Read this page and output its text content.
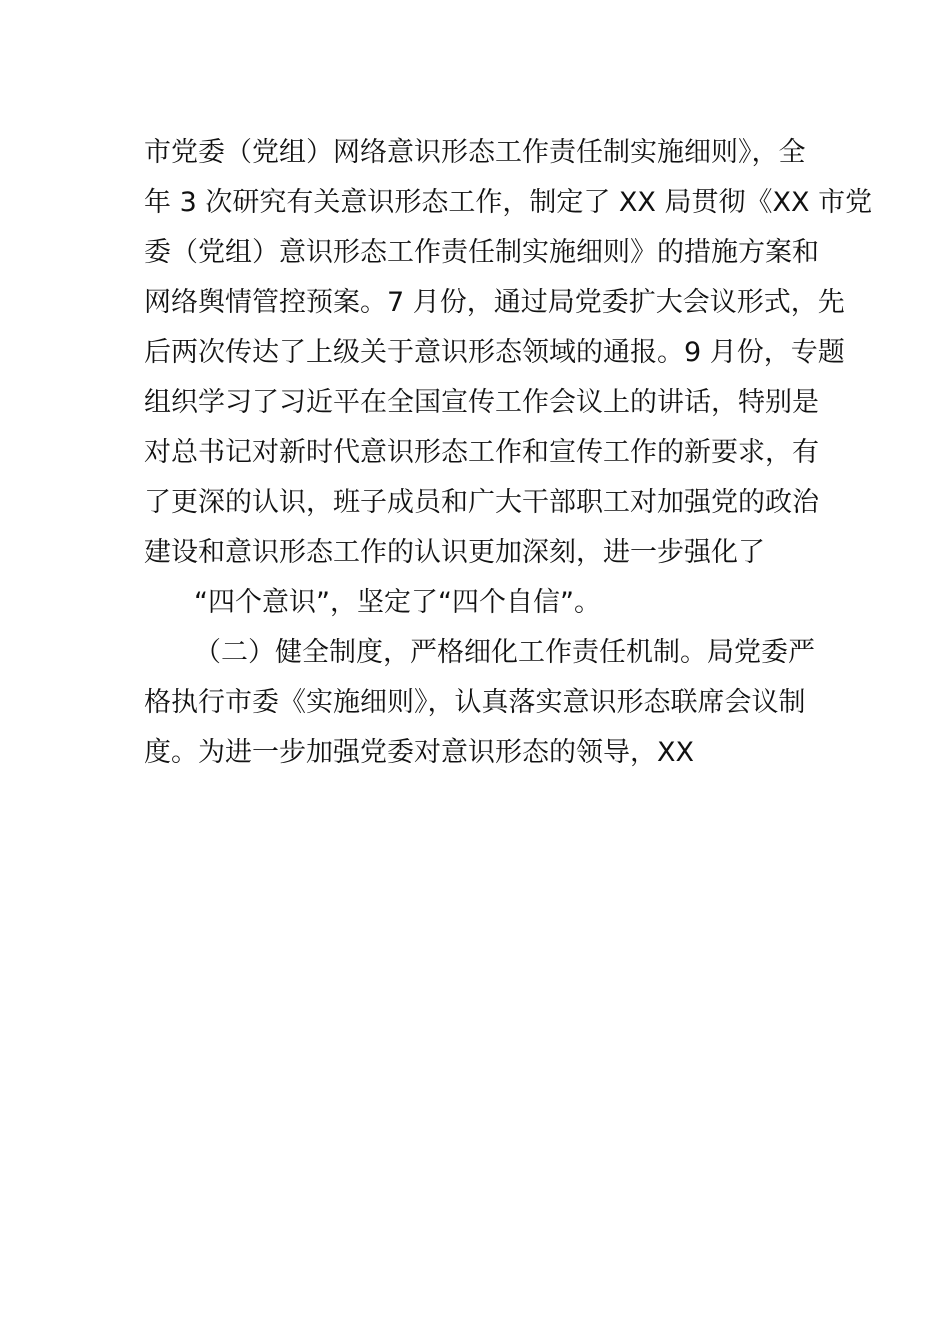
市党委（党组）网络意识形态工作责任制实施细则》，全
年 3 次研究有关意识形态工作，制定了 XX 局贯彻《XX 市党
委（党组）意识形态工作责任制实施细则》的措施方案和
网络舆情管控预案。7 月份，通过局党委扩大会议形式，先
后两次传达了上级关于意识形态领域的通报。9 月份，专题
组织学习了习近平在全国宣传工作会议上的讲话，特别是
对总书记对新时代意识形态工作和宣传工作的新要求，有
了更深的认识，班子成员和广大干部职工对加强党的政治
建设和意识形态工作的认识更加深刻，进一步强化了
“四个意识”，坚定了“四个自信”。
（二）健全制度，严格细化工作责任机制。局党委严
格执行市委《实施细则》，认真落实意识形态联席会议制
度。为进一步加强党委对意识形态的领导，XX
